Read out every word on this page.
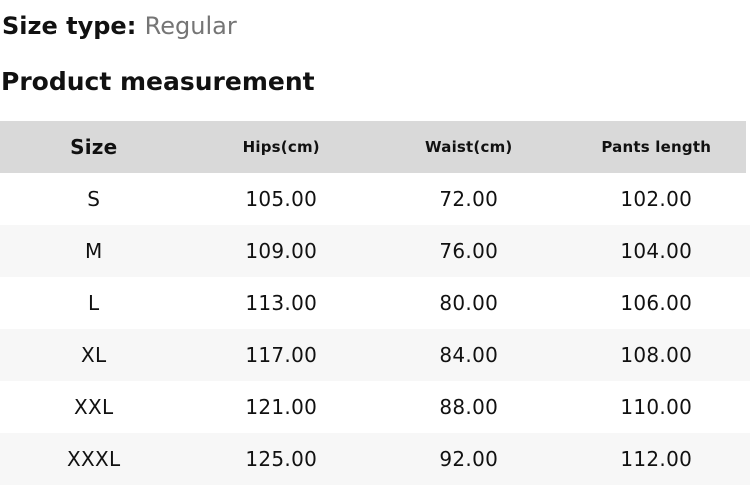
Size type: Regular
Product measurement
Size	Hips(cm)	Waist(cm)	Pants length
S	105.00	72.00	102.00
M	109.00	76.00	104.00
L	113.00	80.00	106.00
XL	117.00	84.00	108.00
XXL	121.00	88.00	110.00
XXXL	125.00	92.00	112.00
